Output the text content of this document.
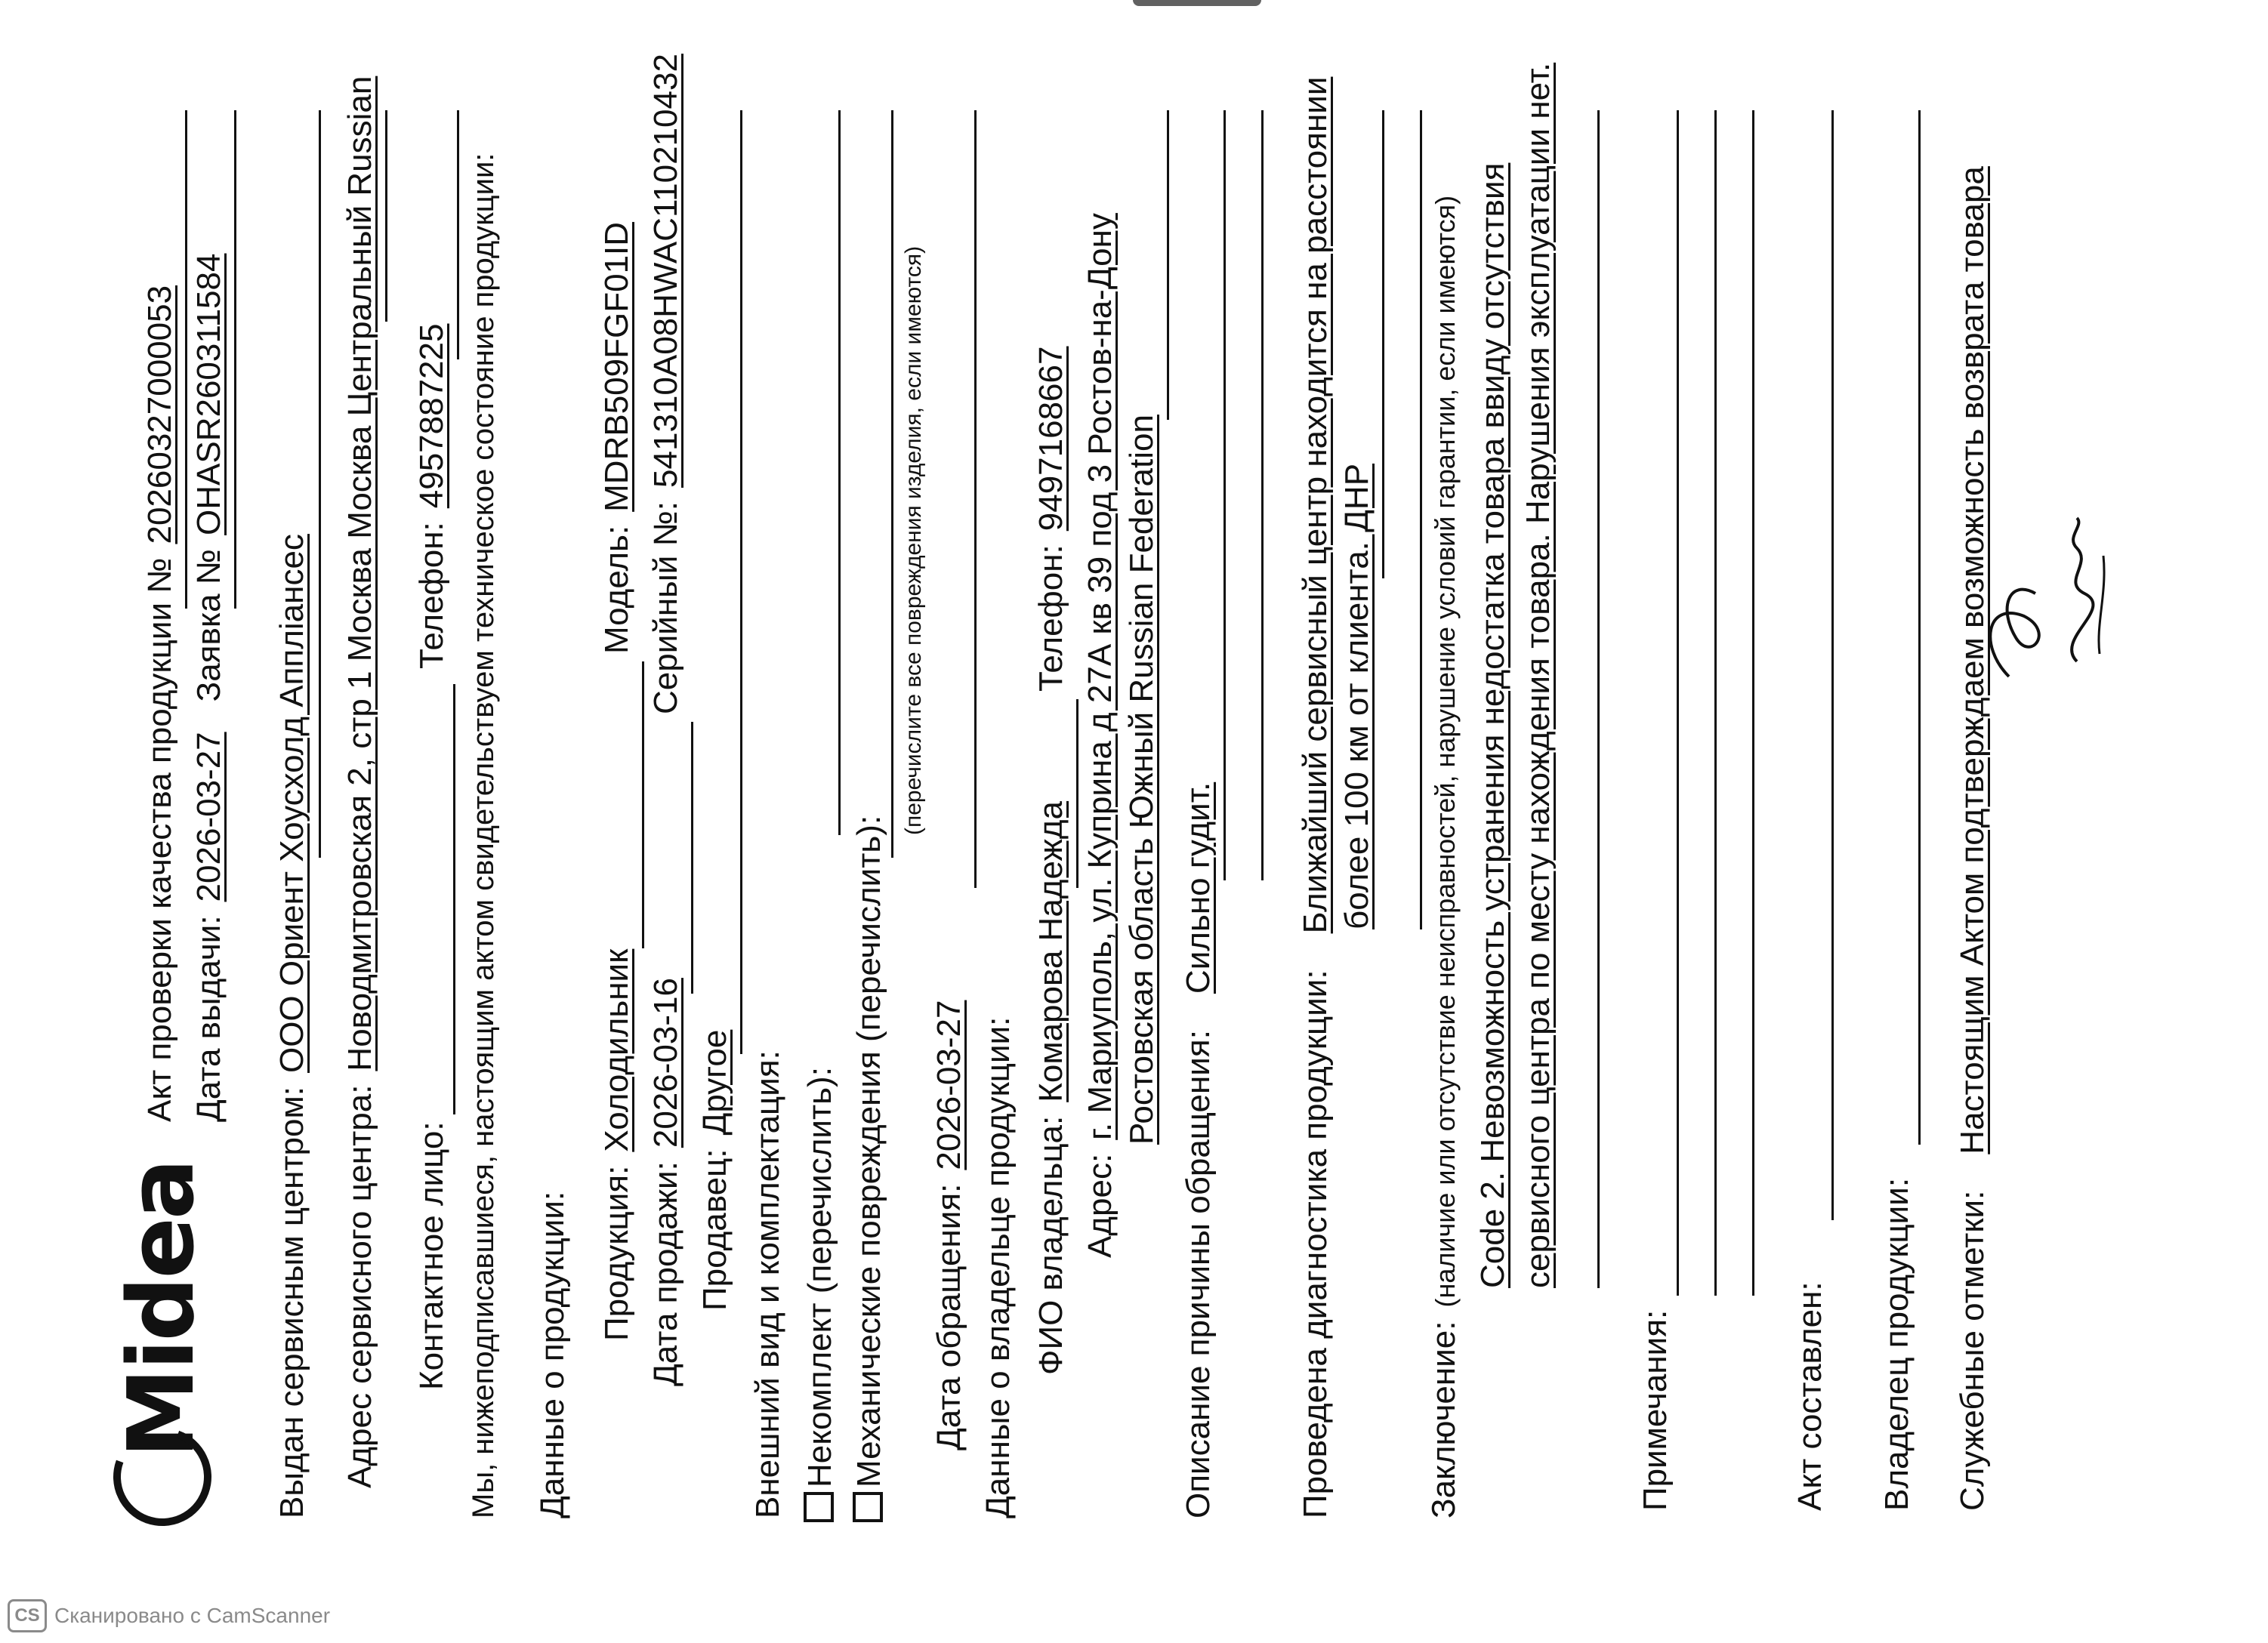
Midea
Акт проверки качества продукции №
20260327000053
Дата выдачи:
2026-03-27
Заявка №
OHASR260311584
Выдан сервисным центром:
ООО Ориент Хоусхолд Аппліансес
Адрес сервисного центра:
Новодмитровская 2, стр 1 Москва Москва Центральный Russian
Контактное лицо:
Телефон:
4957887225 Мы, нижеподписавшиеся, настоящим актом свидетельствуем техническое состояние продукции: Данные о продукции: Продукция:
Холодильник
Модель:
MDRB509FGF01ID
Дата продажи:
2026-03-16
Серийный №:
541310A08HWAC110210432
Продавец:
Другое Внешний вид и комплектация: Некомплект (перечислить): Механические повреждения (перечислить):
(перечислите все повреждения изделия, если имеются)
Дата обращения:
2026-03-27 Данные о владельце продукции: ФИО владельца:
Комарова Надежда
Телефон:
9497168667
Адрес:
г. Мариуполь, ул. Куприна д 27А кв 39 под 3 Ростов-на-Дону Ростовская область Южный Russian Federation
Описание причины обращения:
Сильно гудит.
Проведена диагностика продукции:
Ближайший сервисный центр находится на расстоянии более 100 км от клиента. ДНР
Заключение:
(наличие или отсутствие неисправностей, нарушение условий гарантии, если имеются) Code 2. Невозможность устранения недостатка товара ввиду отсутствия сервисного центра по месту нахождения товара. Нарушения эксплуатации нет.
Примечания:	Акт составлен: Владелец продукции: Служебные отметки:
Настоящим Актом подтверждаем возможность возврата товара
CS Сканировано с CamScanner
